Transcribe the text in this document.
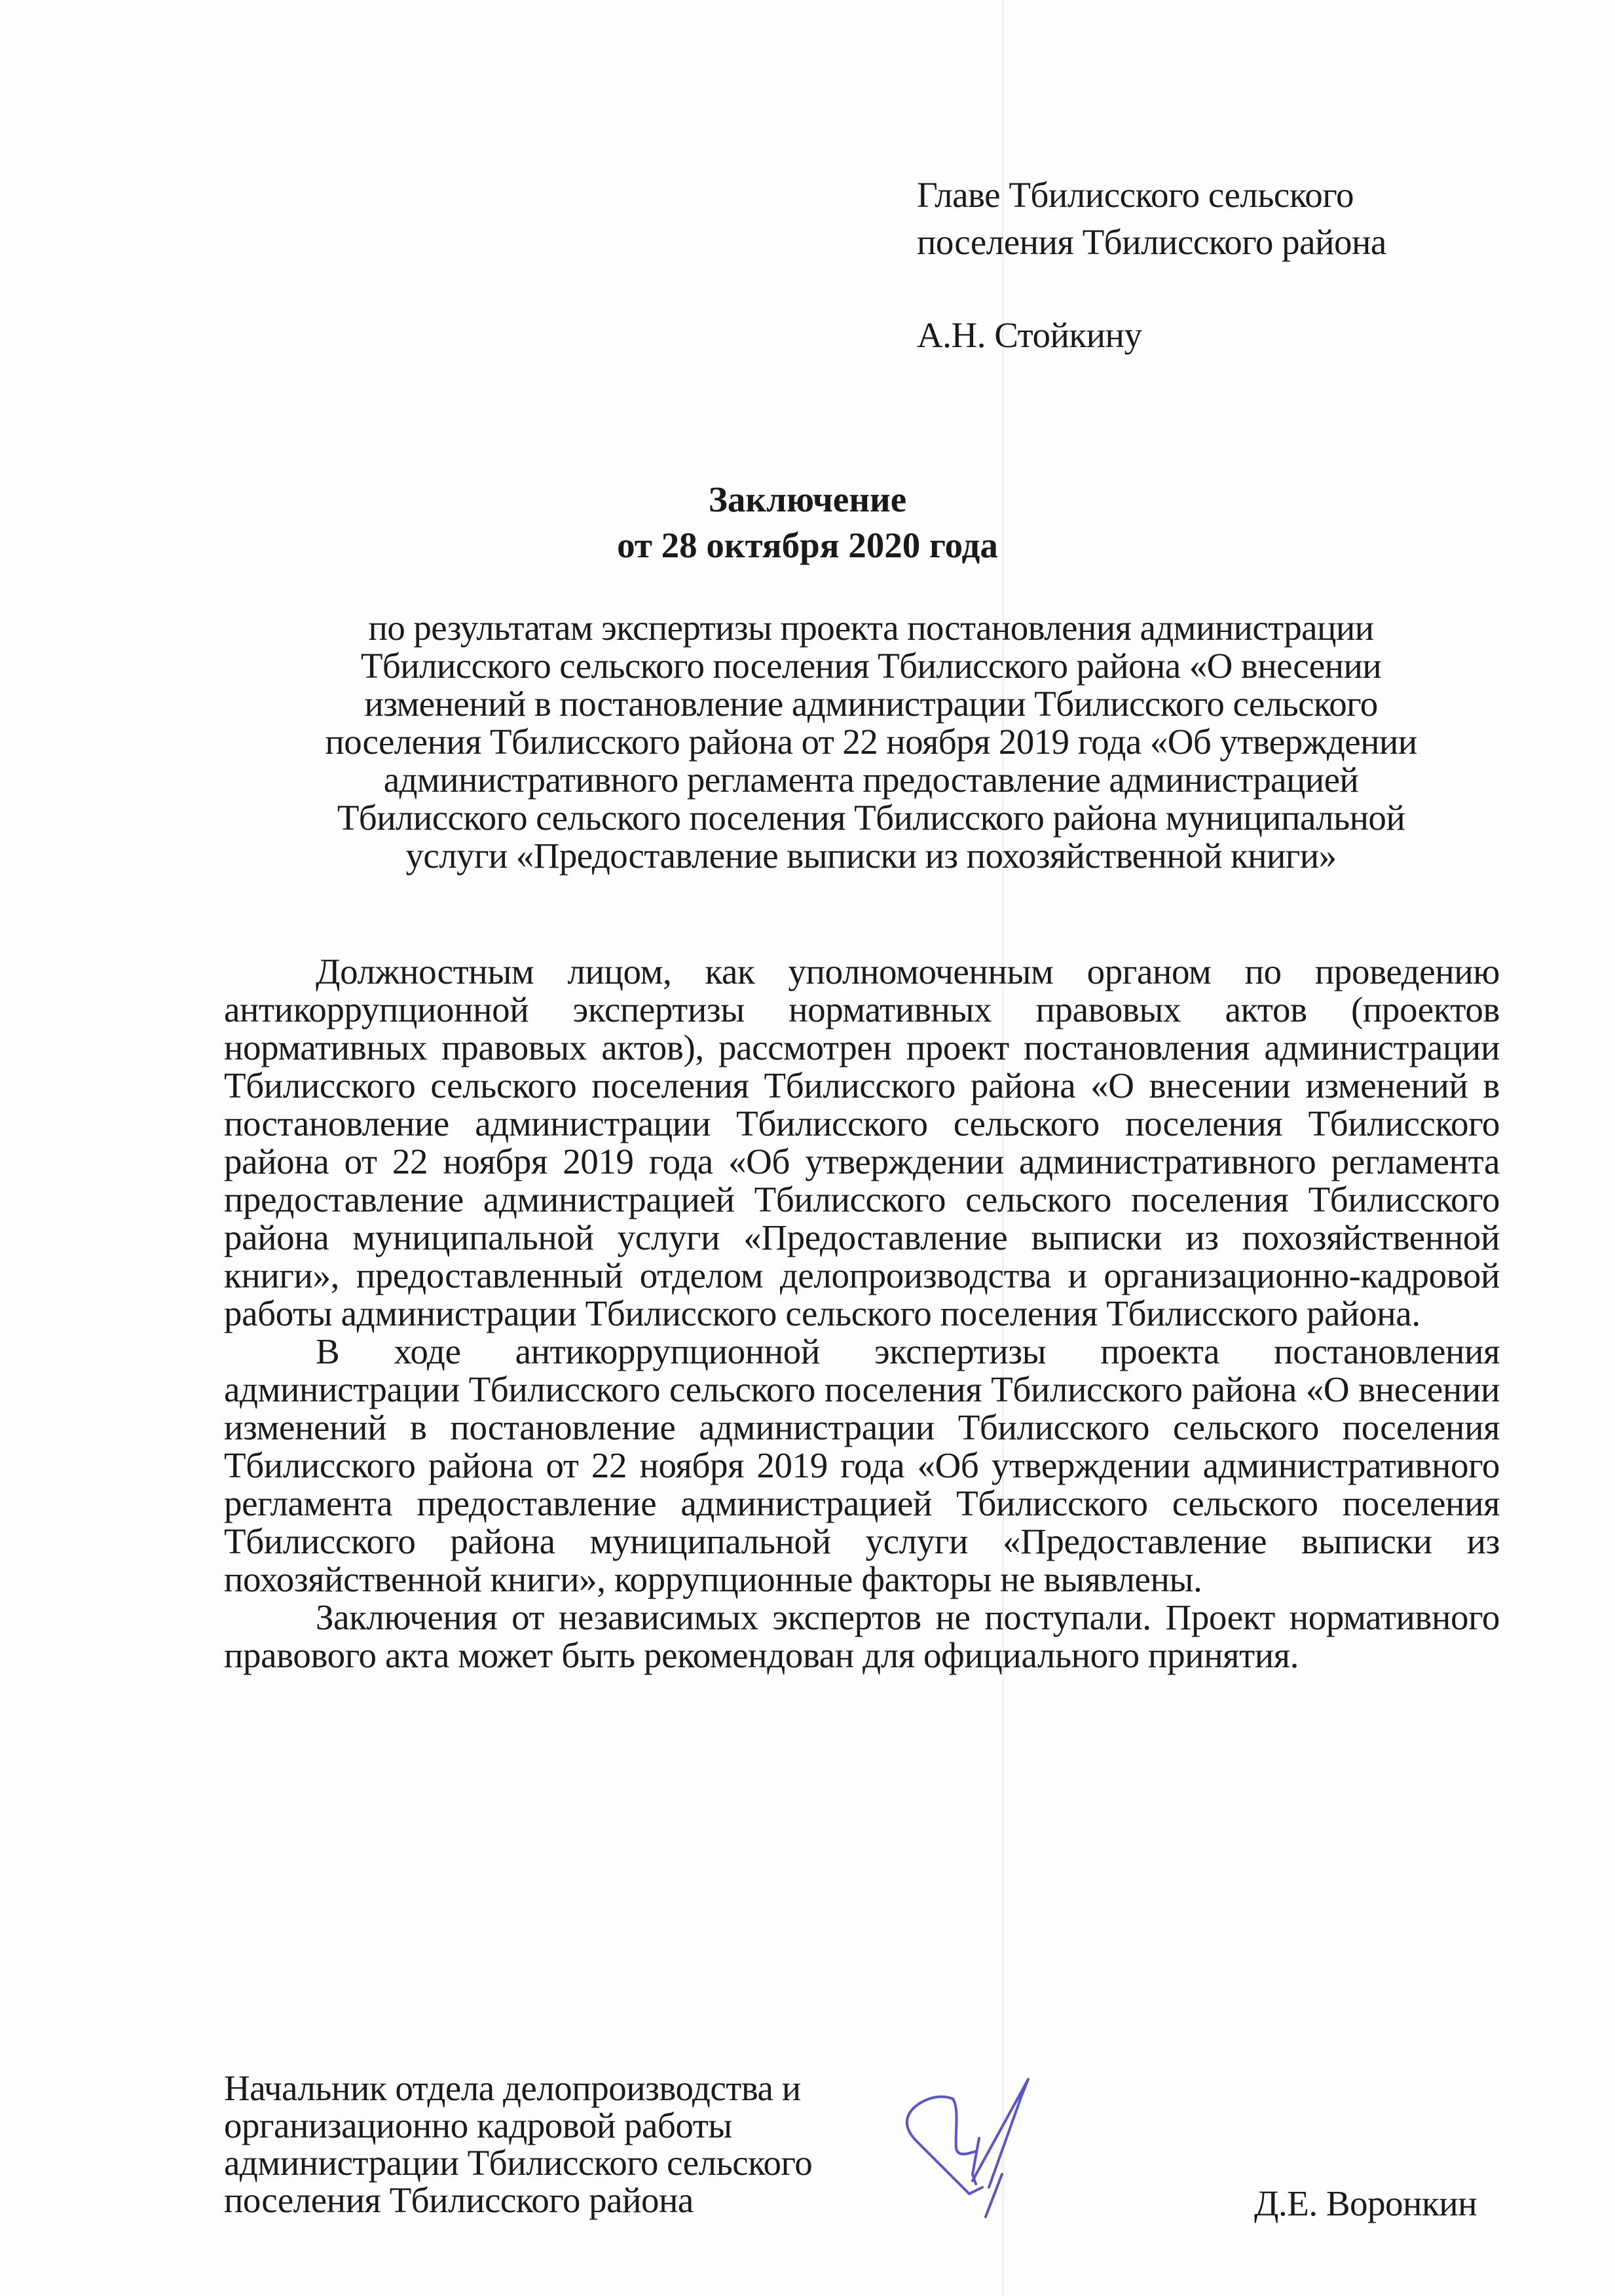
Главе Тбилисского сельского
поселения Тбилисского района
А.Н. Стойкину
Заключение
от 28 октября 2020 года
по результатам экспертизы проекта постановления администрации
Тбилисского сельского поселения Тбилисского района «О внесении
изменений в постановление администрации Тбилисского сельского
поселения Тбилисского района от 22 ноября 2019 года «Об утверждении
административного регламента предоставление администрацией
Тбилисского сельского поселения Тбилисского района муниципальной
услуги «Предоставление выписки из похозяйственной книги»

Должностным лицом, как уполномоченным органом по проведению антикоррупционной экспертизы нормативных правовых актов (проектов нормативных правовых актов), рассмотрен проект постановления администрации Тбилисского сельского поселения Тбилисского района «О внесении изменений в постановление администрации Тбилисского сельского поселения Тбилисского района от 22 ноября 2019 года «Об утверждении административного регламента предоставление администрацией Тбилисского сельского поселения Тбилисского района муниципальной услуги «Предоставление выписки из похозяйственной книги», предоставленный отделом делопроизводства и организационно-кадровой работы администрации Тбилисского сельского поселения Тбилисского района.

В ходе антикоррупционной экспертизы проекта постановления администрации Тбилисского сельского поселения Тбилисского района «О внесении изменений в постановление администрации Тбилисского сельского поселения Тбилисского района от 22 ноября 2019 года «Об утверждении административного регламента предоставление администрацией Тбилисского сельского поселения Тбилисского района муниципальной услуги «Предоставление выписки из похозяйственной книги», коррупционные факторы не выявлены.

Заключения от независимых экспертов не поступали. Проект нормативного правового акта может быть рекомендован для официального принятия.

Начальник отдела делопроизводства и
организационно кадровой работы
администрации Тбилисского сельского
поселения Тбилисского района	Д.Е. Воронкин
